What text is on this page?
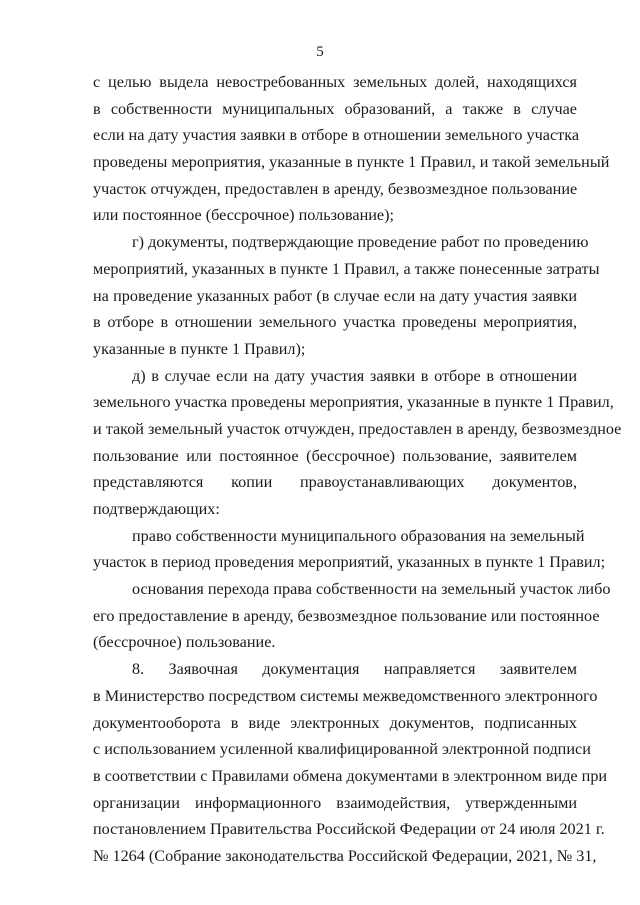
5
с целью выдела невостребованных земельных долей, находящихся
в собственности муниципальных образований, а также в случае
если на дату участия заявки в отборе в отношении земельного участка
проведены мероприятия, указанные в пункте 1 Правил, и такой земельный
участок отчужден, предоставлен в аренду, безвозмездное пользование
или постоянное (бессрочное) пользование);
г) документы, подтверждающие проведение работ по проведению
мероприятий, указанных в пункте 1 Правил, а также понесенные затраты
на проведение указанных работ (в случае если на дату участия заявки
в отборе в отношении земельного участка проведены мероприятия,
указанные в пункте 1 Правил);
д) в случае если на дату участия заявки в отборе в отношении
земельного участка проведены мероприятия, указанные в пункте 1 Правил,
и такой земельный участок отчужден, предоставлен в аренду, безвозмездное
пользование или постоянное (бессрочное) пользование, заявителем
представляются копии правоустанавливающих документов,
подтверждающих:
право собственности муниципального образования на земельный
участок в период проведения мероприятий, указанных в пункте 1 Правил;
основания перехода права собственности на земельный участок либо
его предоставление в аренду, безвозмездное пользование или постоянное
(бессрочное) пользование.
8. Заявочная документация направляется заявителем
в Министерство посредством системы межведомственного электронного
документооборота в виде электронных документов, подписанных
с использованием усиленной квалифицированной электронной подписи
в соответствии с Правилами обмена документами в электронном виде при
организации информационного взаимодействия, утвержденными
постановлением Правительства Российской Федерации от 24 июля 2021 г.
№ 1264 (Собрание законодательства Российской Федерации, 2021, № 31,
